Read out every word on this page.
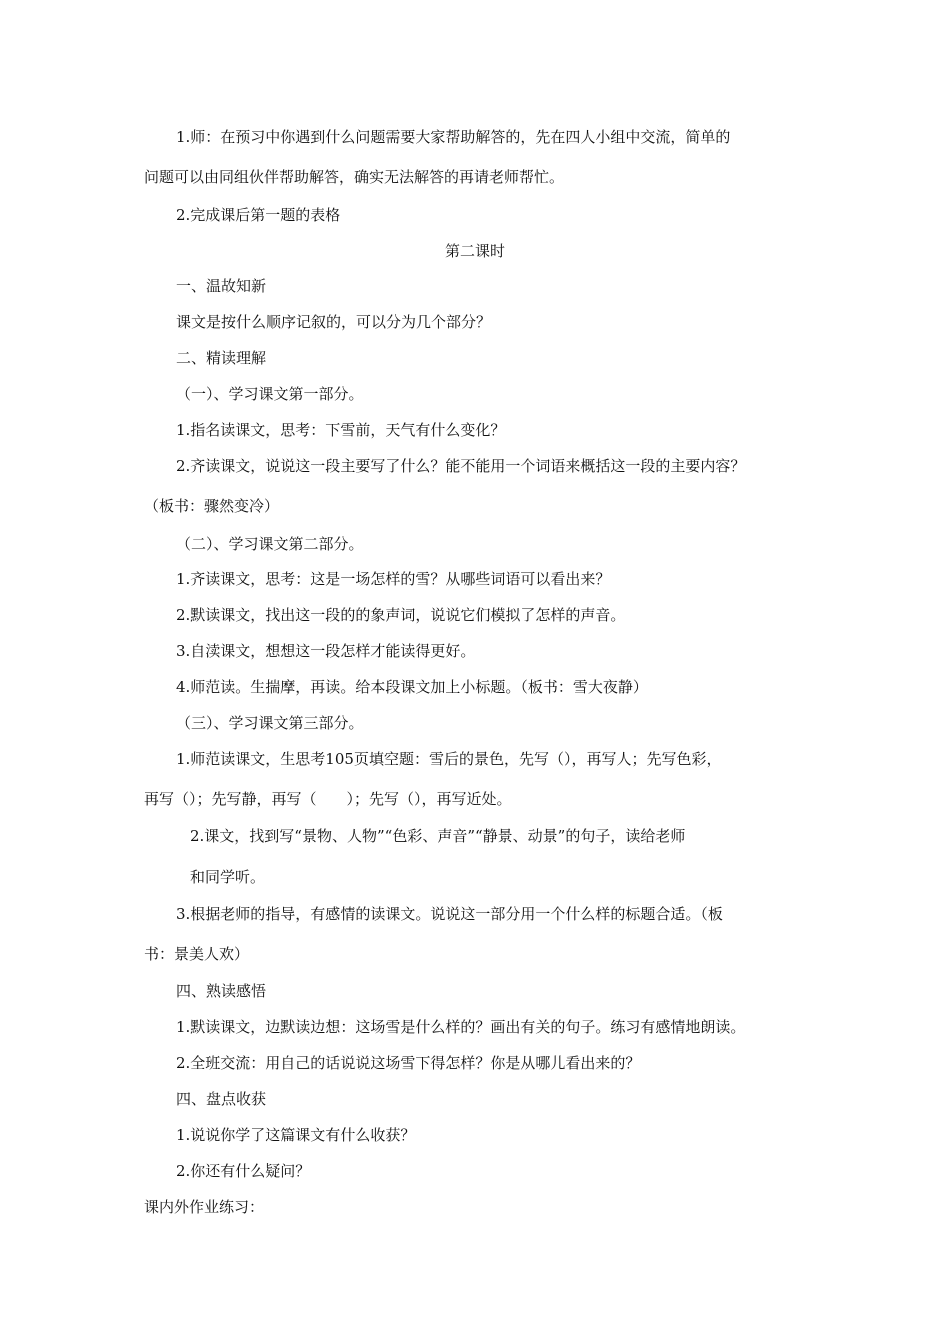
1.师：在预习中你遇到什么问题需要大家帮助解答的，先在四人小组中交流，简单的
问题可以由同组伙伴帮助解答，确实无法解答的再请老师帮忙。
2.完成课后第一题的表格
第二课时
一、温故知新
课文是按什么顺序记叙的，可以分为几个部分？
二、精读理解
（一）、学习课文第一部分。
1.指名读课文，思考：下雪前，天气有什么变化？
2.齐读课文，说说这一段主要写了什么？能不能用一个词语来概括这一段的主要内容？
（板书：骤然变冷）
（二）、学习课文第二部分。
1.齐读课文，思考：这是一场怎样的雪？从哪些词语可以看出来？
2.默读课文，找出这一段的的象声词，说说它们模拟了怎样的声音。
3.自渎课文，想想这一段怎样才能读得更好。
4.师范读。生揣摩，再读。给本段课文加上小标题。（板书：雪大夜静）
（三）、学习课文第三部分。
1.师范读课文，生思考105页填空题：雪后的景色，先写（），再写人；先写色彩，
再写（）；先写静，再写（　　）；先写（），再写近处。
2.课文，找到写“景物、人物”“色彩、声音”“静景、动景”的句子，读给老师
和同学听。
3.根据老师的指导，有感情的读课文。说说这一部分用一个什么样的标题合适。（板
书：景美人欢）
四、熟读感悟
1.默读课文，边默读边想：这场雪是什么样的？画出有关的句子。练习有感情地朗读。
2.全班交流：用自己的话说说这场雪下得怎样？你是从哪儿看出来的？
四、盘点收获
1.说说你学了这篇课文有什么收获？
2.你还有什么疑问？
课内外作业练习：
